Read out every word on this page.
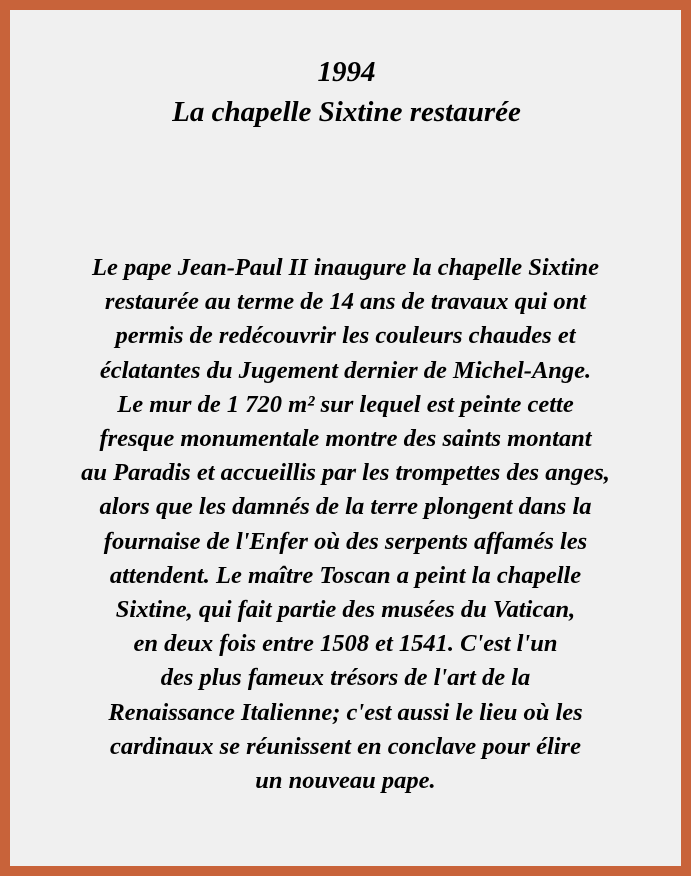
1994
La chapelle Sixtine restaurée
Le pape Jean-Paul II inaugure la chapelle Sixtine
restaurée au terme de 14 ans de travaux qui ont
permis de redécouvrir les couleurs chaudes et
éclatantes du Jugement dernier de Michel-Ange.
Le mur de 1 720 m² sur lequel est peinte cette
fresque monumentale montre des saints montant
au Paradis et accueillis par les trompettes des anges,
alors que les damnés de la terre plongent dans la
fournaise de l'Enfer où des serpents affamés les
attendent. Le maître Toscan a peint la chapelle
Sixtine, qui fait partie des musées du Vatican,
en deux fois entre 1508 et 1541. C'est l'un
des plus fameux trésors de l'art de la
Renaissance Italienne; c'est aussi le lieu où les
cardinaux se réunissent en conclave pour élire
un nouveau pape.
